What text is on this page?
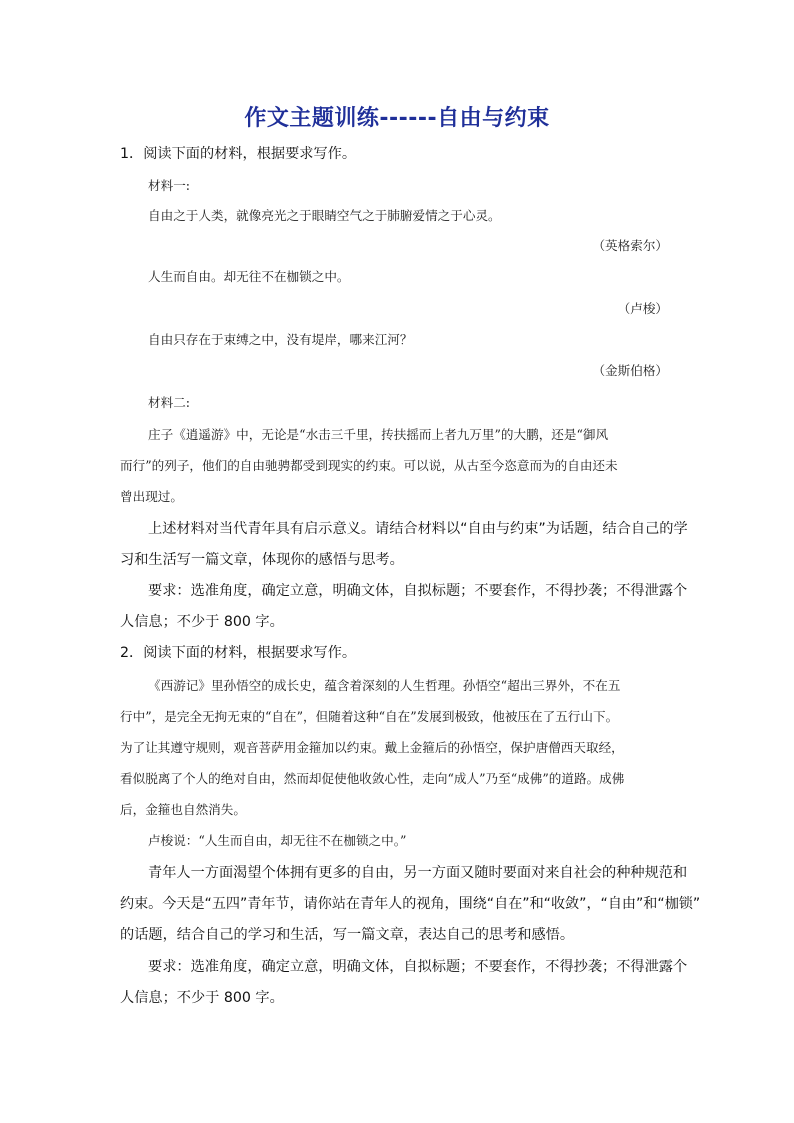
作文主题训练------自由与约束
1．阅读下面的材料，根据要求写作。
材料一:
自由之于人类，就像亮光之于眼睛空气之于肺腑爱情之于心灵。
（英格索尔）
人生而自由。却无往不在枷锁之中。
（卢梭）
自由只存在于束缚之中，没有堤岸，哪来江河？
（金斯伯格）
材料二:
庄子《逍遥游》中，无论是“水击三千里，抟扶摇而上者九万里”的大鹏，还是“御风
而行”的列子，他们的自由驰骋都受到现实的约束。可以说，从古至今恣意而为的自由还未
曾出现过。
上述材料对当代青年具有启示意义。请结合材料以“自由与约束”为话题，结合自己的学
习和生活写一篇文章，体现你的感悟与思考。
要求：选准角度，确定立意，明确文体，自拟标题；不要套作，不得抄袭；不得泄露个
人信息；不少于 800 字。
2．阅读下面的材料，根据要求写作。
《西游记》里孙悟空的成长史，蕴含着深刻的人生哲理。孙悟空“超出三界外，不在五
行中”，是完全无拘无束的“自在”，但随着这种“自在”发展到极致，他被压在了五行山下。
为了让其遵守规则，观音菩萨用金箍加以约束。戴上金箍后的孙悟空，保护唐僧西天取经，
看似脱离了个人的绝对自由，然而却促使他收敛心性，走向“成人”乃至“成佛”的道路。成佛
后，金箍也自然消失。
卢梭说：“人生而自由，却无往不在枷锁之中。”
青年人一方面渴望个体拥有更多的自由，另一方面又随时要面对来自社会的种种规范和
约束。今天是“五四”青年节，请你站在青年人的视角，围绕“自在”和“收敛”，“自由”和“枷锁”
的话题，结合自己的学习和生活，写一篇文章，表达自己的思考和感悟。
要求：选准角度，确定立意，明确文体，自拟标题；不要套作，不得抄袭；不得泄露个
人信息；不少于 800 字。
